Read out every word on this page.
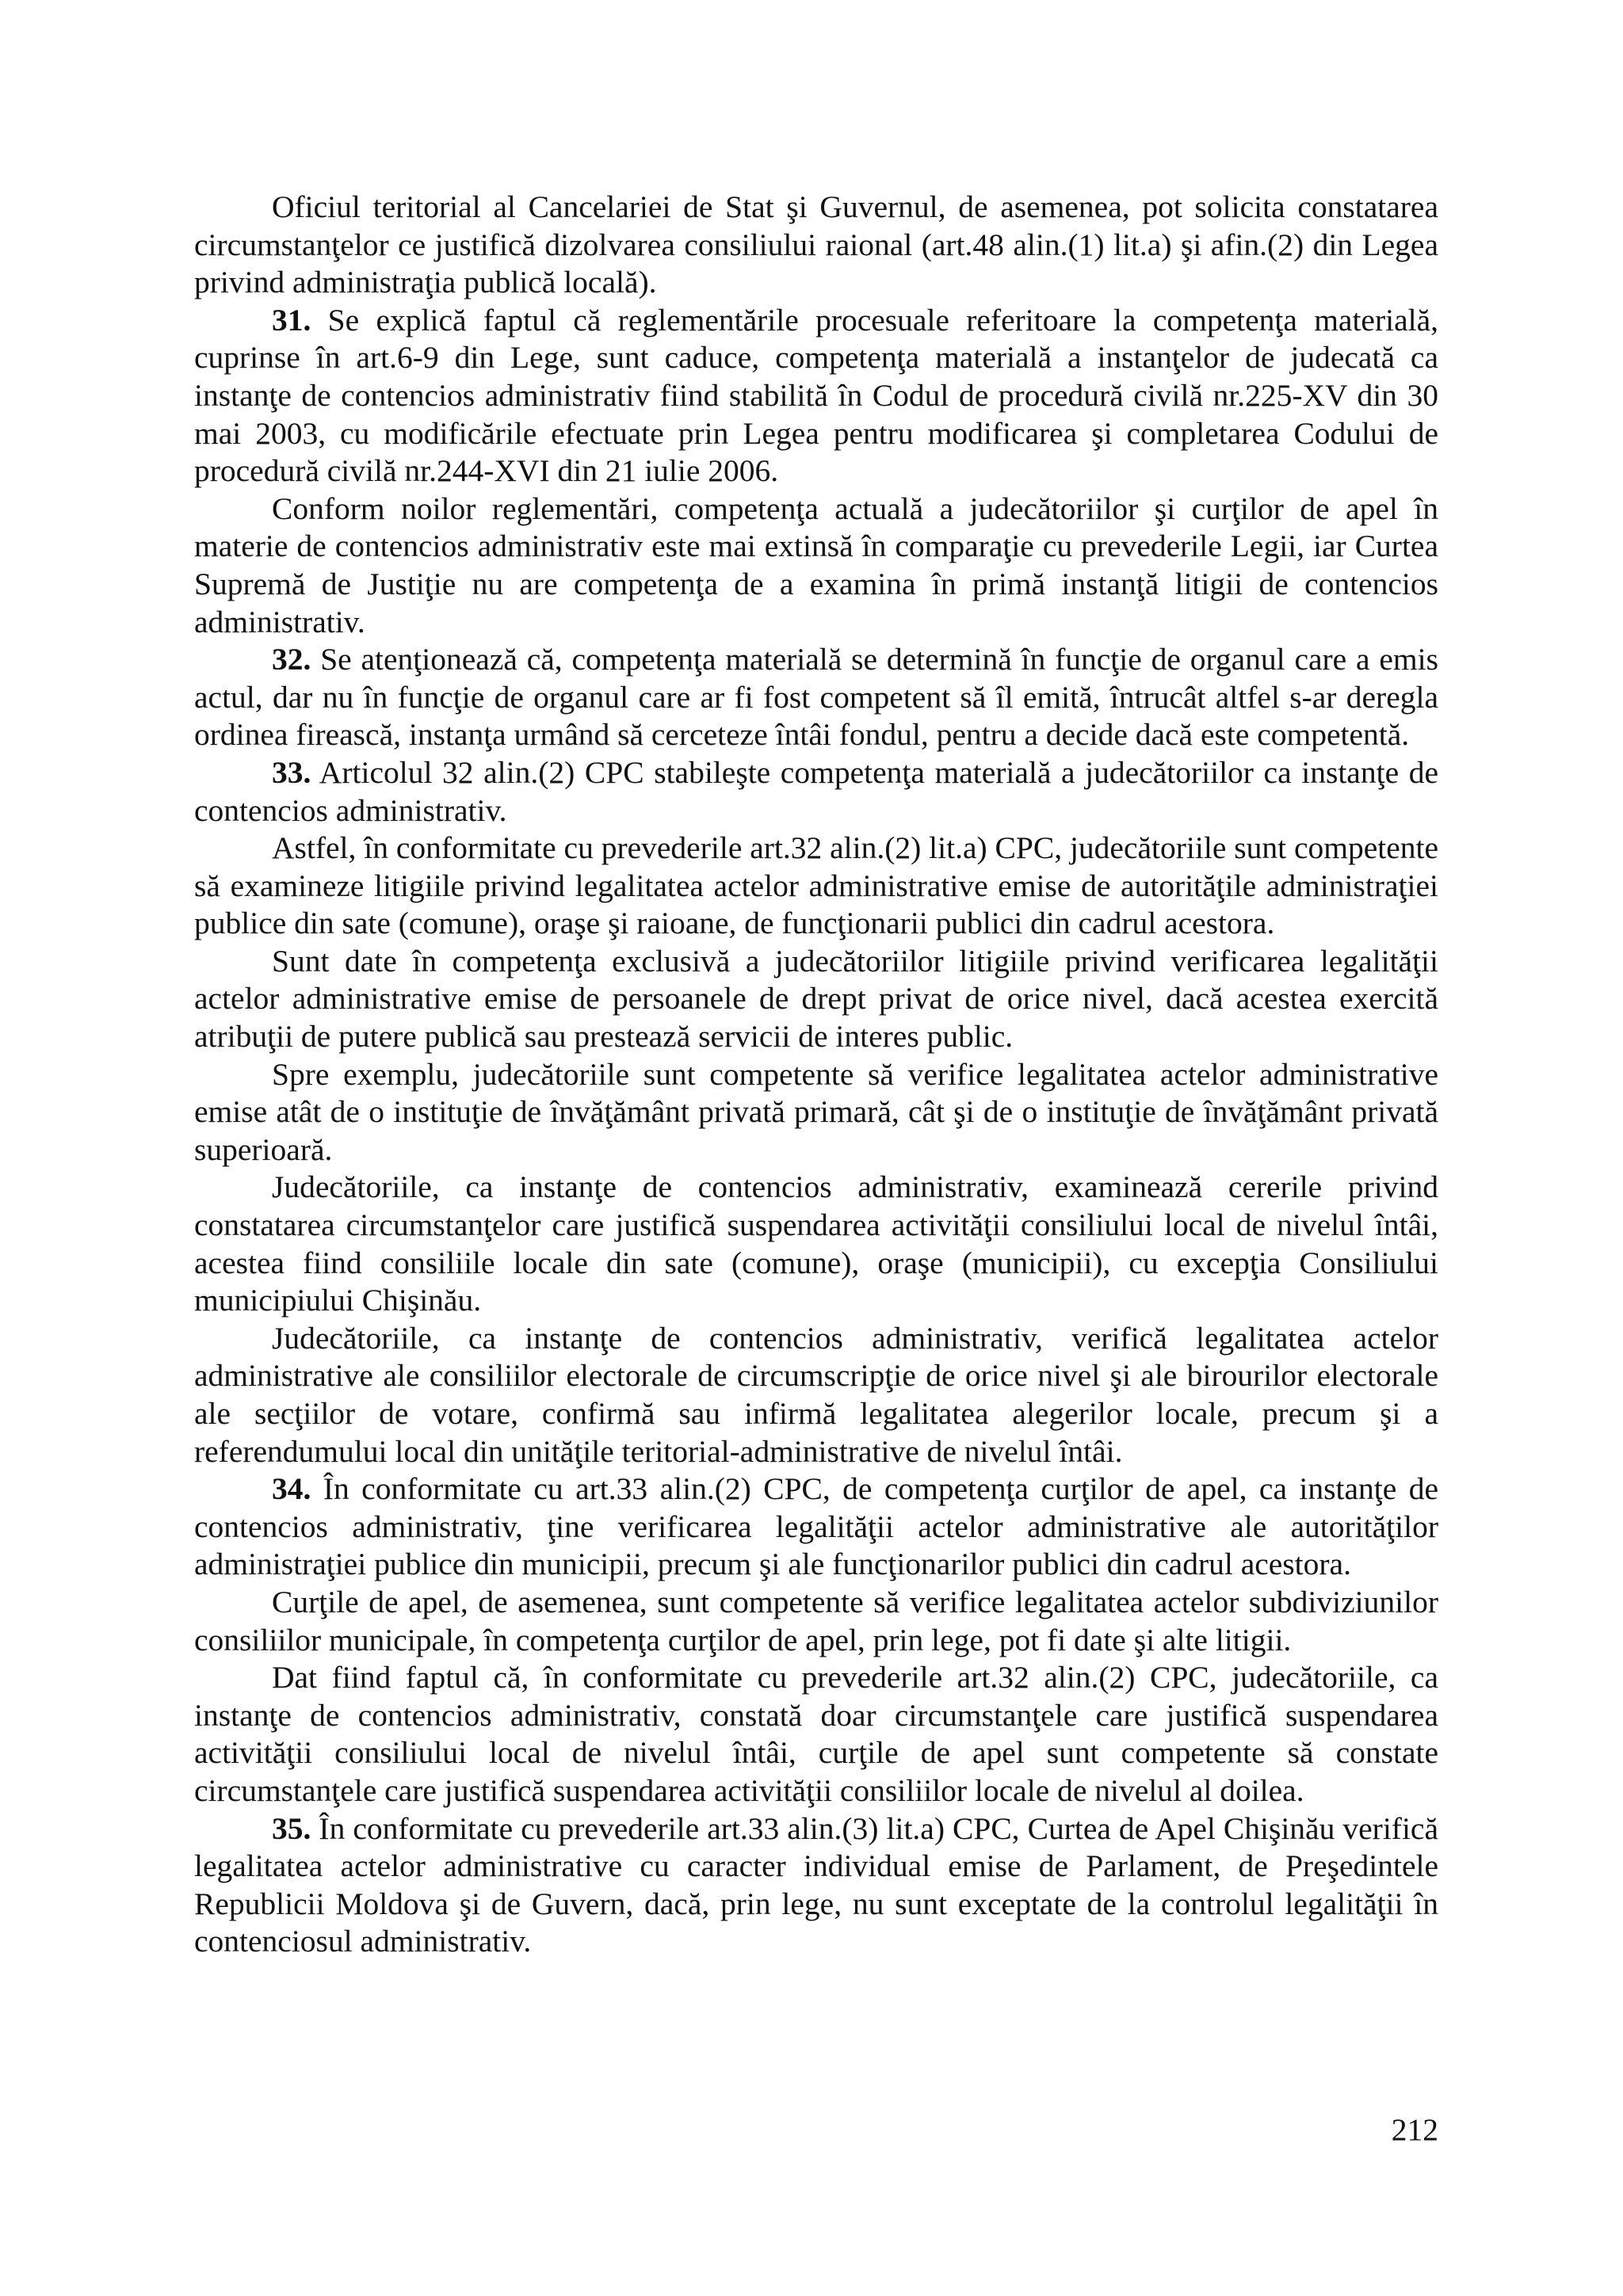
Oficiul teritorial al Cancelariei de Stat şi Guvernul, de asemenea, pot solicita constatarea circumstanţelor ce justifică dizolvarea consiliului raional (art.48 alin.(1) lit.a) şi afin.(2) din Legea privind administraţia publică locală).

31. Se explică faptul că reglementările procesuale referitoare la competenţa materială, cuprinse în art.6-9 din Lege, sunt caduce, competenţa materială a instanţelor de judecată ca instanţe de contencios administrativ fiind stabilită în Codul de procedură civilă nr.225-XV din 30 mai 2003, cu modificările efectuate prin Legea pentru modificarea şi completarea Codului de procedură civilă nr.244-XVI din 21 iulie 2006.

Conform noilor reglementări, competenţa actuală a judecătoriilor şi curţilor de apel în materie de contencios administrativ este mai extinsă în comparaţie cu prevederile Legii, iar Curtea Supremă de Justiţie nu are competenţa de a examina în primă instanţă litigii de contencios administrativ.

32. Se atenţionează că, competenţa materială se determină în funcţie de organul care a emis actul, dar nu în funcţie de organul care ar fi fost competent să îl emită, întrucât altfel s-ar deregla ordinea firească, instanţa urmând să cerceteze întâi fondul, pentru a decide dacă este competentă.

33. Articolul 32 alin.(2) CPC stabileşte competenţa materială a judecătoriilor ca instanţe de contencios administrativ.

Astfel, în conformitate cu prevederile art.32 alin.(2) lit.a) CPC, judecătoriile sunt competente să examineze litigiile privind legalitatea actelor administrative emise de autorităţile administraţiei publice din sate (comune), oraşe şi raioane, de funcţionarii publici din cadrul acestora.

Sunt date în competenţa exclusivă a judecătoriilor litigiile privind verificarea legalităţii actelor administrative emise de persoanele de drept privat de orice nivel, dacă acestea exercită atribuţii de putere publică sau prestează servicii de interes public.

Spre exemplu, judecătoriile sunt competente să verifice legalitatea actelor administrative emise atât de o instituţie de învăţământ privată primară, cât şi de o instituţie de învăţământ privată superioară.

Judecătoriile, ca instanţe de contencios administrativ, examinează cererile privind constatarea circumstanţelor care justifică suspendarea activităţii consiliului local de nivelul întâi, acestea fiind consiliile locale din sate (comune), oraşe (municipii), cu excepţia Consiliului municipiului Chişinău.

Judecătoriile, ca instanţe de contencios administrativ, verifică legalitatea actelor administrative ale consiliilor electorale de circumscripţie de orice nivel şi ale birourilor electorale ale secţiilor de votare, confirmă sau infirmă legalitatea alegerilor locale, precum şi a referendumului local din unităţile teritorial-administrative de nivelul întâi.

34. În conformitate cu art.33 alin.(2) CPC, de competenţa curţilor de apel, ca instanţe de contencios administrativ, ţine verificarea legalităţii actelor administrative ale autorităţilor administraţiei publice din municipii, precum şi ale funcţionarilor publici din cadrul acestora.

Curţile de apel, de asemenea, sunt competente să verifice legalitatea actelor subdiviziunilor consiliilor municipale, în competenţa curţilor de apel, prin lege, pot fi date şi alte litigii.

Dat fiind faptul că, în conformitate cu prevederile art.32 alin.(2) CPC, judecătoriile, ca instanţe de contencios administrativ, constată doar circumstanţele care justifică suspendarea activităţii consiliului local de nivelul întâi, curţile de apel sunt competente să constate circumstanţele care justifică suspendarea activităţii consiliilor locale de nivelul al doilea.

35. În conformitate cu prevederile art.33 alin.(3) lit.a) CPC, Curtea de Apel Chişinău verifică legalitatea actelor administrative cu caracter individual emise de Parlament, de Preşedintele Republicii Moldova şi de Guvern, dacă, prin lege, nu sunt exceptate de la controlul legalităţii în contenciosul administrativ.

212
